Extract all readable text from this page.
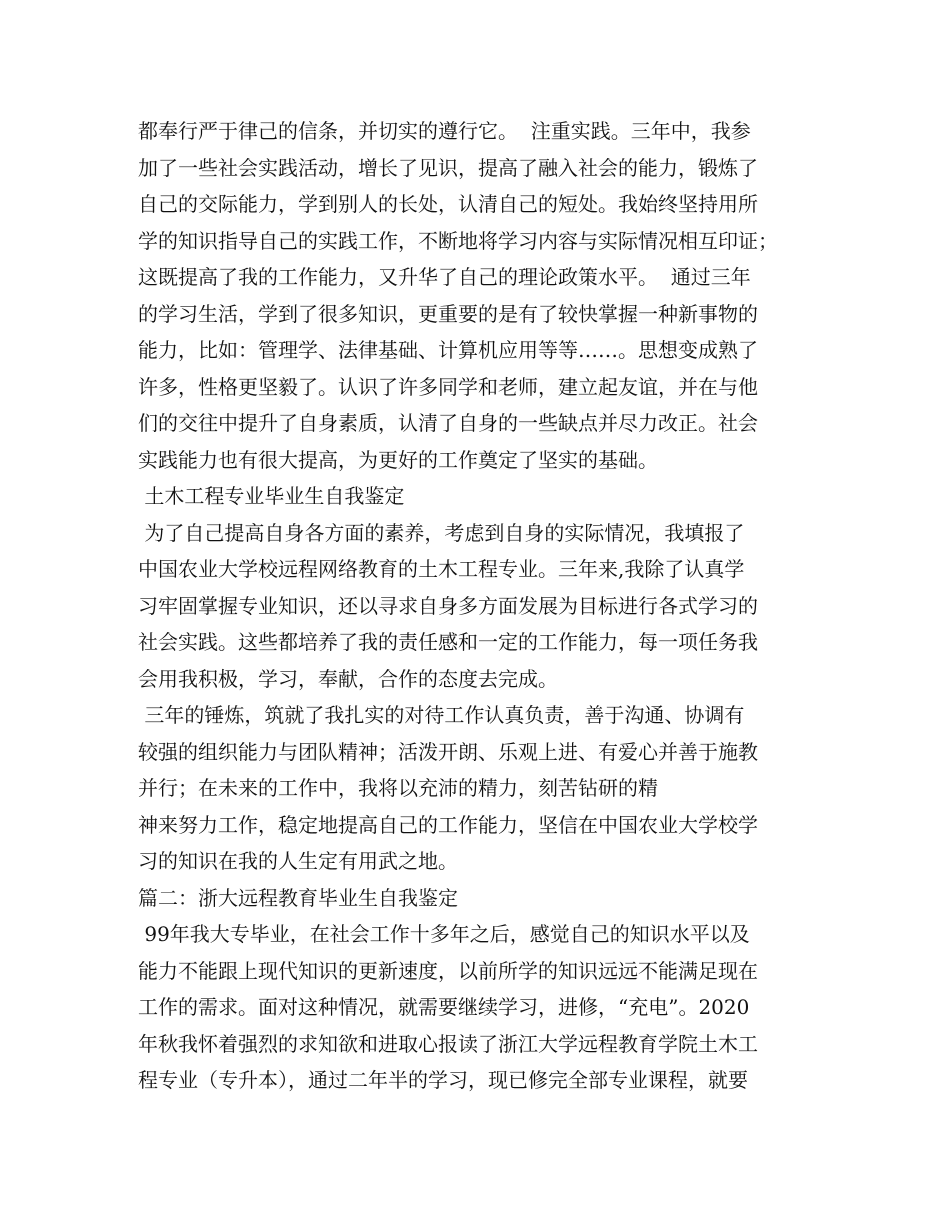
都奉行严于律己的信条，并切实的遵行它。  注重实践。三年中，我参
加了一些社会实践活动，增长了见识，提高了融入社会的能力，锻炼了
自己的交际能力，学到别人的长处，认清自己的短处。我始终坚持用所
学的知识指导自己的实践工作，不断地将学习内容与实际情况相互印证；
这既提高了我的工作能力，又升华了自己的理论政策水平。  通过三年
的学习生活，学到了很多知识，更重要的是有了较快掌握一种新事物的
能力，比如：管理学、法律基础、计算机应用等等……。思想变成熟了
许多，性格更坚毅了。认识了许多同学和老师，建立起友谊，并在与他
们的交往中提升了自身素质，认清了自身的一些缺点并尽力改正。社会
实践能力也有很大提高，为更好的工作奠定了坚实的基础。
土木工程专业毕业生自我鉴定
为了自己提高自身各方面的素养，考虑到自身的实际情况，我填报了
中国农业大学校远程网络教育的土木工程专业。三年来,我除了认真学
习牢固掌握专业知识，还以寻求自身多方面发展为目标进行各式学习的
社会实践。这些都培养了我的责任感和一定的工作能力，每一项任务我
会用我积极，学习，奉献，合作的态度去完成。
三年的锤炼，筑就了我扎实的对待工作认真负责，善于沟通、协调有
较强的组织能力与团队精神；活泼开朗、乐观上进、有爱心并善于施教
并行；在未来的工作中，我将以充沛的精力，刻苦钻研的精
神来努力工作，稳定地提高自己的工作能力，坚信在中国农业大学校学
习的知识在我的人生定有用武之地。
篇二：浙大远程教育毕业生自我鉴定
99年我大专毕业，在社会工作十多年之后，感觉自己的知识水平以及
能力不能跟上现代知识的更新速度，以前所学的知识远远不能满足现在
工作的需求。面对这种情况，就需要继续学习，进修，“充电”。2020
年秋我怀着强烈的求知欲和进取心报读了浙江大学远程教育学院土木工
程专业（专升本），通过二年半的学习，现已修完全部专业课程，就要
